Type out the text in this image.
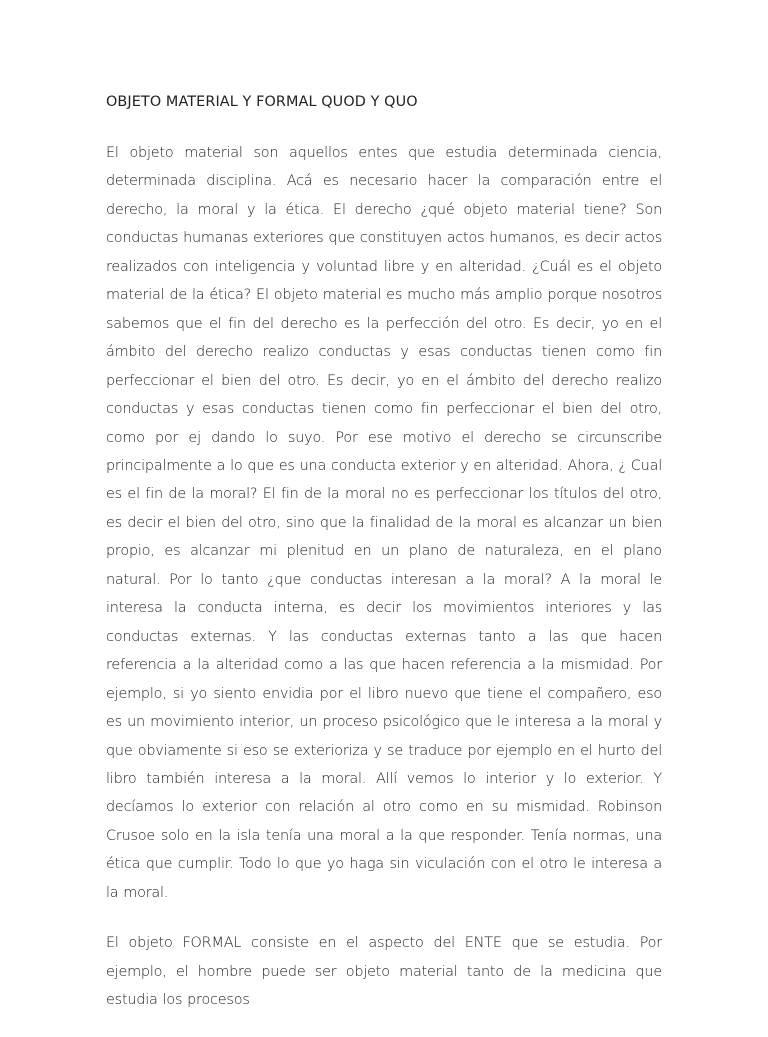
OBJETO MATERIAL Y FORMAL QUOD Y QUO

El objeto material son aquellos entes que estudia determinada ciencia, determinada disciplina. Acá es necesario hacer la comparación entre el derecho, la moral y la ética. El derecho ¿qué objeto material tiene? Son conductas humanas exteriores que constituyen actos humanos, es decir actos realizados con inteligencia y voluntad libre y en alteridad. ¿Cuál es el objeto material de la ética? El objeto material es mucho más amplio porque nosotros sabemos que el fin del derecho es la perfección del otro. Es decir, yo en el ámbito del derecho realizo conductas y esas conductas tienen como fin perfeccionar el bien del otro. Es decir, yo en el ámbito del derecho realizo conductas y esas conductas tienen como fin perfeccionar el bien del otro, como por ej dando lo suyo. Por ese motivo el derecho se circunscribe principalmente a lo que es una conducta exterior y en alteridad. Ahora, ¿ Cual es el fin de la moral? El fin de la moral no es perfeccionar los títulos del otro, es decir el bien del otro, sino que la finalidad de la moral es alcanzar un bien propio, es alcanzar mi plenitud en un plano de naturaleza, en el plano natural. Por lo tanto ¿que conductas interesan a la moral? A la moral le interesa la conducta interna, es decir los movimientos interiores y las conductas externas. Y las conductas externas tanto a las que hacen referencia a la alteridad como a las que hacen referencia a la mismidad. Por ejemplo, si yo siento envidia por el libro nuevo que tiene el compañero, eso es un movimiento interior, un proceso psicológico que le interesa a la moral y que obviamente si eso se exterioriza y se traduce por ejemplo en el hurto del libro también interesa a la moral. Allí vemos lo interior y lo exterior. Y decíamos lo exterior con relación al otro como en su mismidad. Robinson Crusoe solo en la isla tenía una moral a la que responder. Tenía normas, una ética que cumplir. Todo lo que yo haga sin viculación con el otro le interesa a la moral.

El objeto FORMAL consiste en el aspecto del ENTE que se estudia. Por ejemplo, el hombre puede ser objeto material tanto de la medicina que estudia los procesos
